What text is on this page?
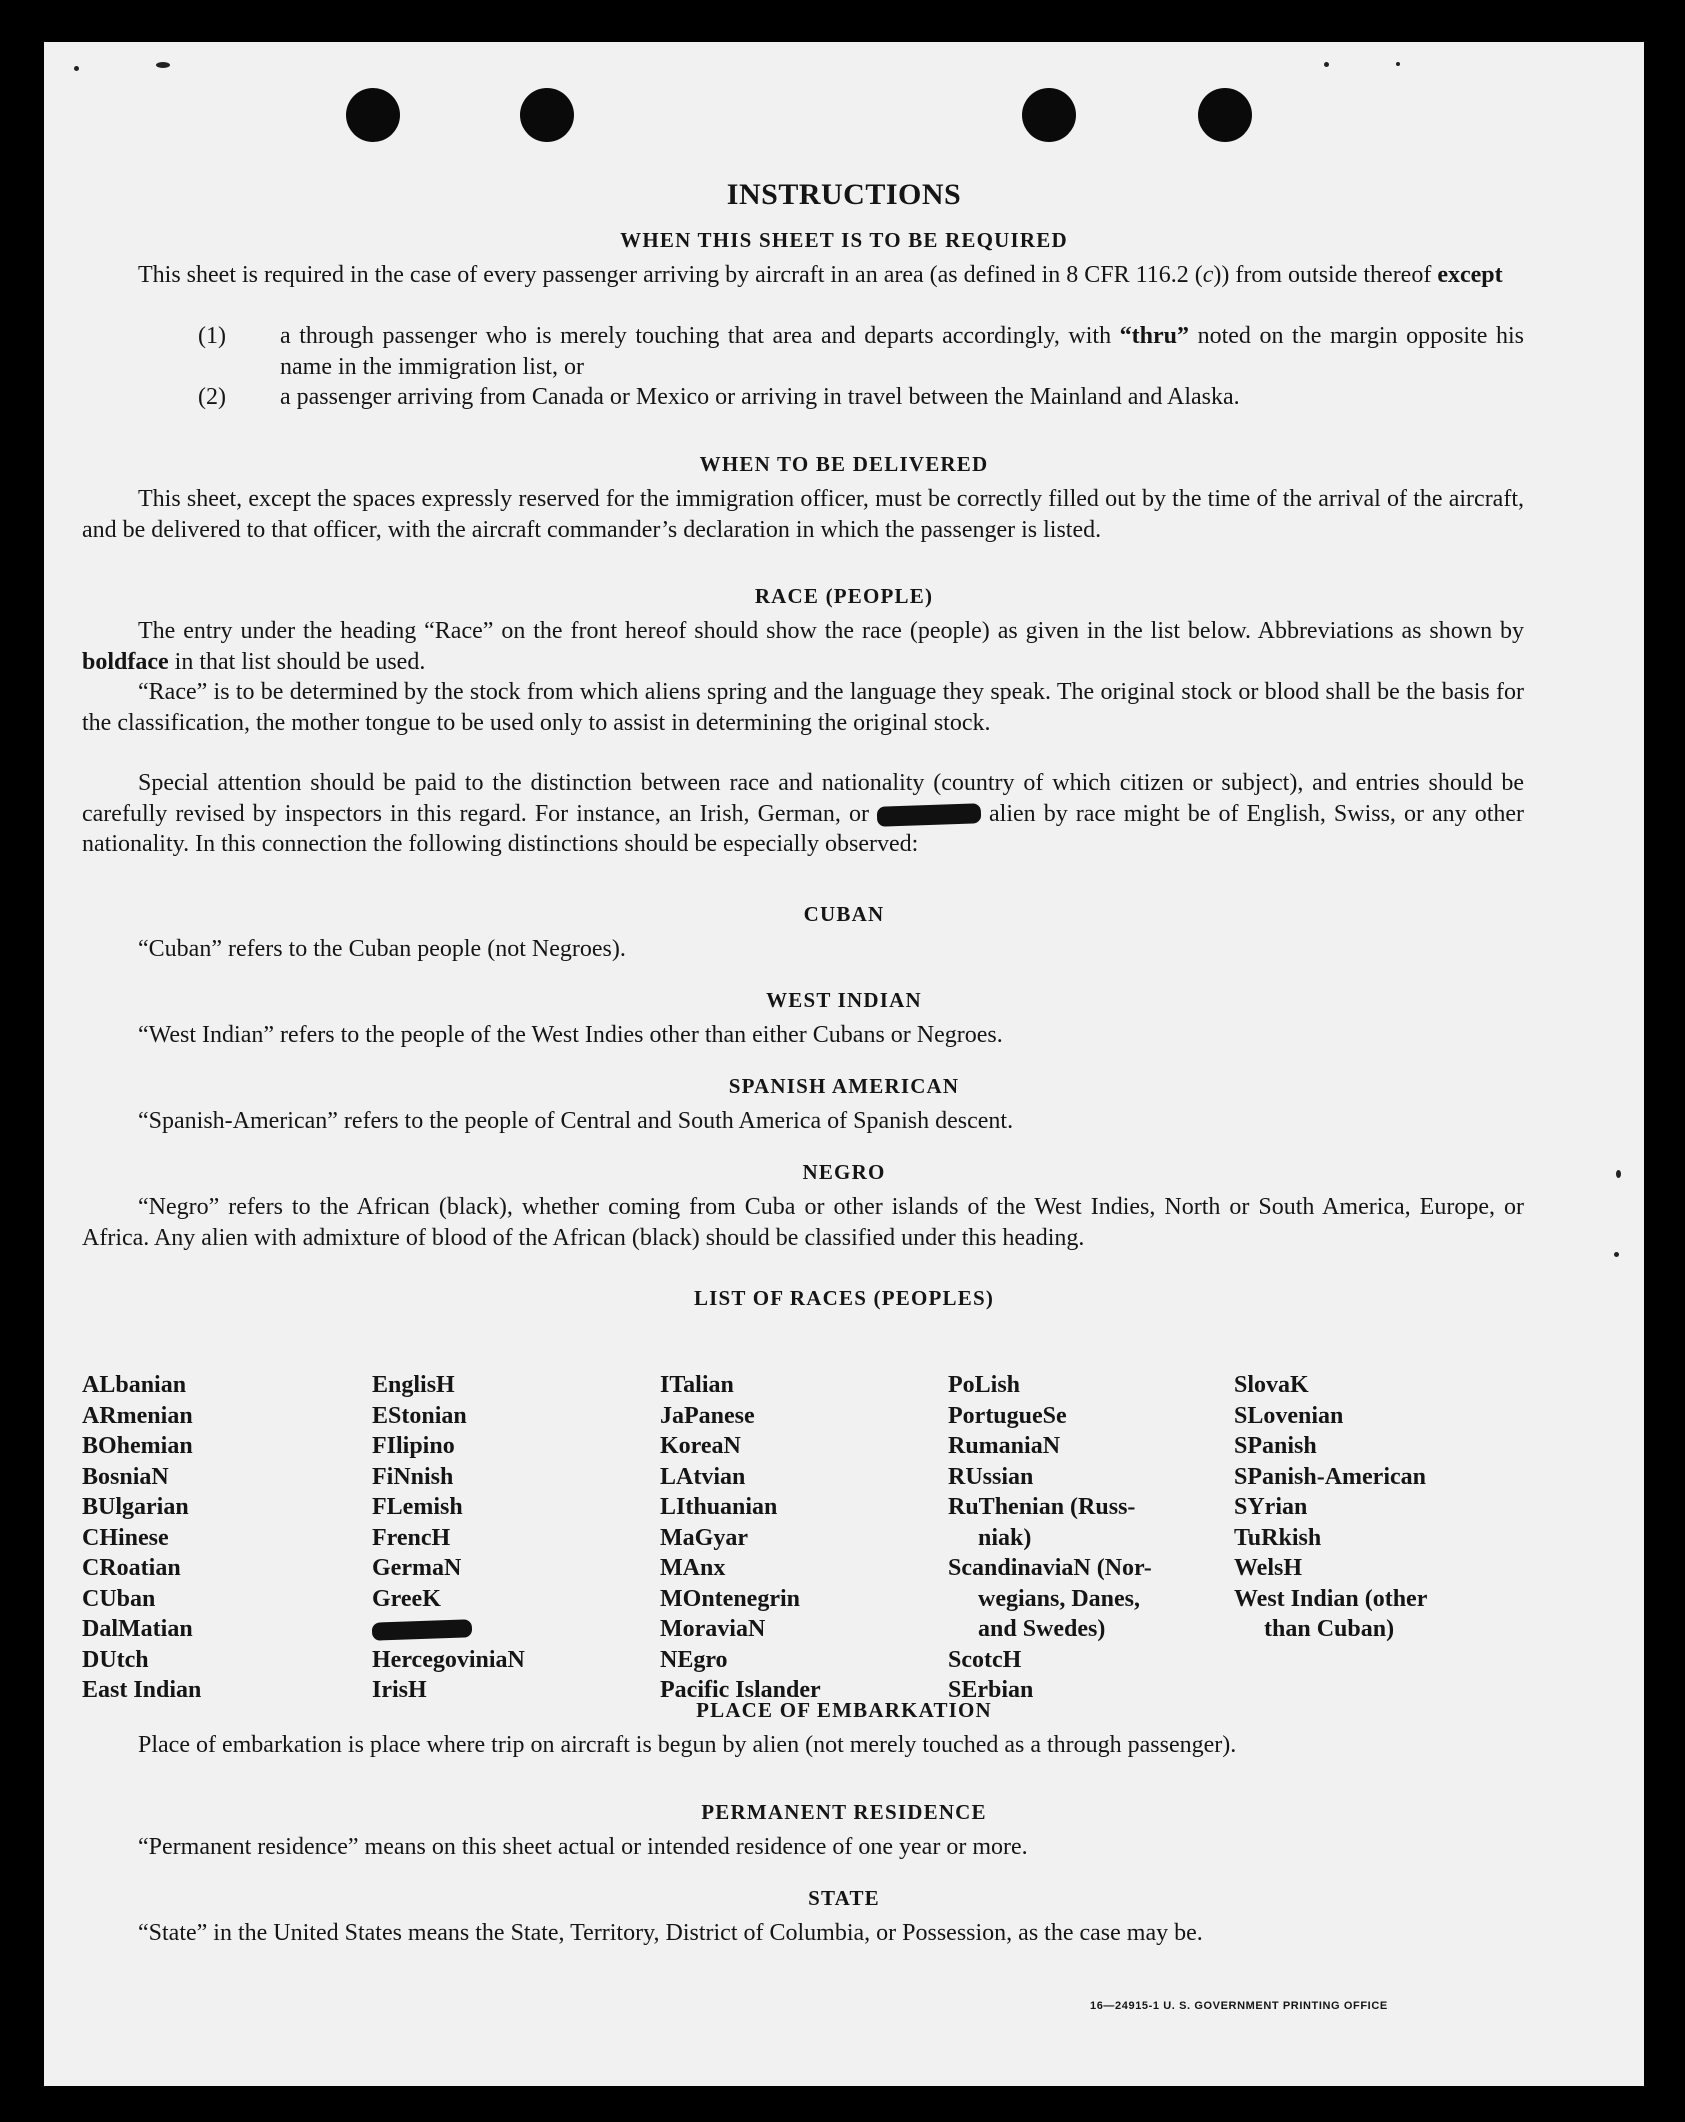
INSTRUCTIONS
WHEN THIS SHEET IS TO BE REQUIRED
This sheet is required in the case of every passenger arriving by aircraft in an area (as defined in 8 CFR 116.2 (c)) from outside thereof except
(1) a through passenger who is merely touching that area and departs accordingly, with “thru” noted on the margin opposite his name in the immigration list, or
(2) a passenger arriving from Canada or Mexico or arriving in travel between the Mainland and Alaska.
WHEN TO BE DELIVERED
This sheet, except the spaces expressly reserved for the immigration officer, must be correctly filled out by the time of the arrival of the aircraft, and be delivered to that officer, with the aircraft commander’s declaration in which the passenger is listed.
RACE (PEOPLE)
The entry under the heading “Race” on the front hereof should show the race (people) as given in the list below. Abbreviations as shown by boldface in that list should be used.
“Race” is to be determined by the stock from which aliens spring and the language they speak. The original stock or blood shall be the basis for the classification, the mother tongue to be used only to assist in determining the original stock.
Special attention should be paid to the distinction between race and nationality (country of which citizen or subject), and entries should be carefully revised by inspectors in this regard. For instance, an Irish, German, or	alien by race might be of English, Swiss, or any other nationality. In this connection the following distinctions should be especially observed:
CUBAN
“Cuban” refers to the Cuban people (not Negroes).
WEST INDIAN
“West Indian” refers to the people of the West Indies other than either Cubans or Negroes.
SPANISH AMERICAN
“Spanish-American” refers to the people of Central and South America of Spanish descent.
NEGRO
“Negro” refers to the African (black), whether coming from Cuba or other islands of the West Indies, North or South America, Europe, or Africa. Any alien with admixture of blood of the African (black) should be classified under this heading.
LIST OF RACES (PEOPLES)
ALbanian
ARmenian
BOhemian
BosniaN
BUlgarian
CHinese
CRoatian
CUban
DalMatian
DUtch
East Indian
EnglisH
EStonian
FIlipino
FiNnish
FLemish
FrencH
GermaN
GreeK
HercegoviniaN
IrisH
ITalian
JaPanese
KoreaN
LAtvian
LIthuanian
MaGyar
MAnx
MOntenegrin
MoraviaN
NEgro
Pacific Islander
PoLish
PortugueSe
RumaniaN
RUssian
RuThenian (Russ-
niak)
ScandinaviaN (Nor-
wegians, Danes,
and Swedes)
ScotcH
SErbian
SlovaK
SLovenian
SPanish
SPanish-American
SYrian
TuRkish
WelsH
West Indian (other
than Cuban)
PLACE OF EMBARKATION
Place of embarkation is place where trip on aircraft is begun by alien (not merely touched as a through passenger).
PERMANENT RESIDENCE
“Permanent residence” means on this sheet actual or intended residence of one year or more.
STATE
“State” in the United States means the State, Territory, District of Columbia, or Possession, as the case may be.
16—24915-1 U. S. GOVERNMENT PRINTING OFFICE
